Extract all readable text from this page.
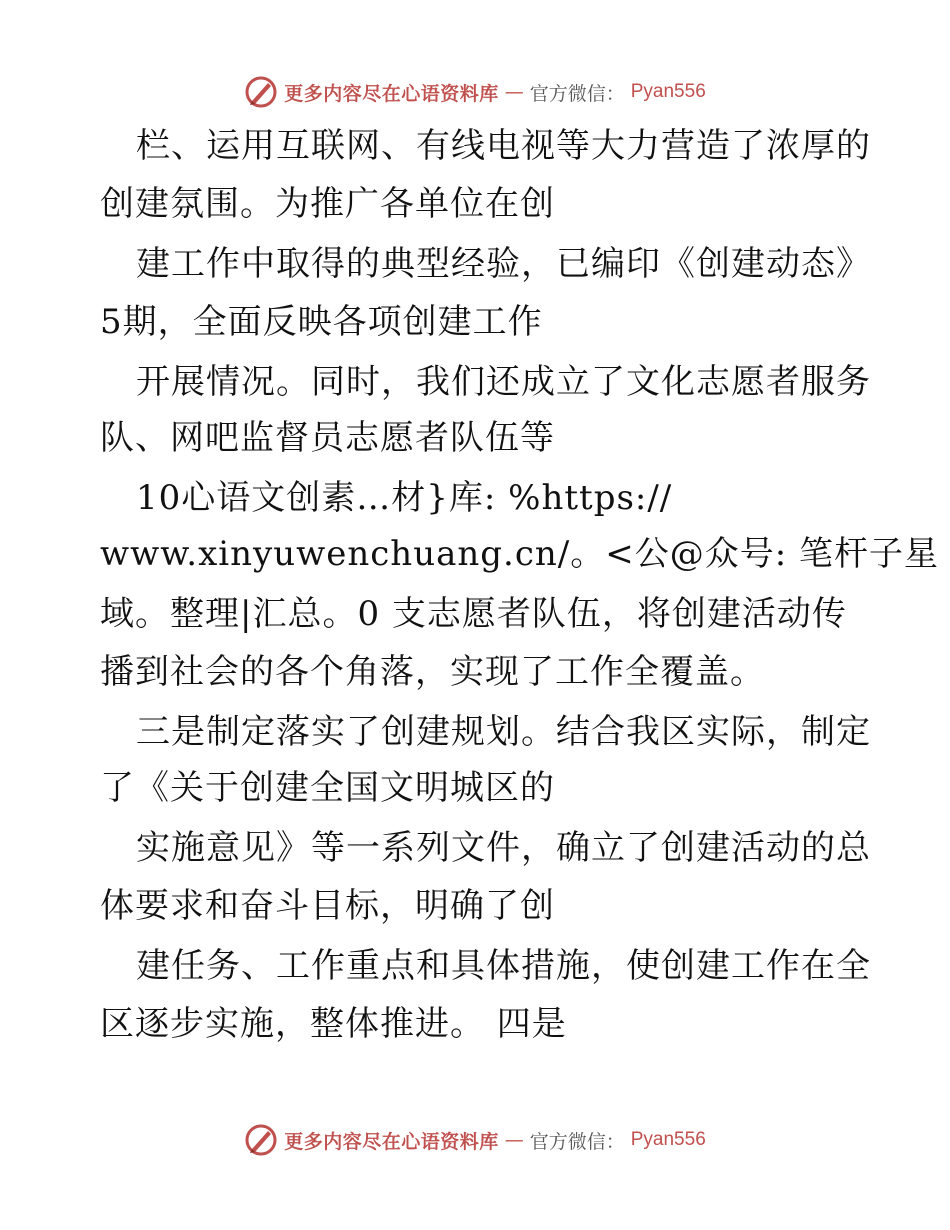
更多内容尽在心语资料库 — 官方微信： Pyan556
栏、运用互联网、有线电视等大力营造了浓厚的
创建氛围。为推广各单位在创
建工作中取得的典型经验，已编印《创建动态》
5期，全面反映各项创建工作
开展情况。同时，我们还成立了文化志愿者服务
队、网吧监督员志愿者队伍等
10心语文创素…材}库: %https://
www.xinyuwenchuang.cn/。<公@众号: 笔杆子星
域。整理|汇总。0 支志愿者队伍，将创建活动传
播到社会的各个角落，实现了工作全覆盖。
三是制定落实了创建规划。结合我区实际，制定
了《关于创建全国文明城区的
实施意见》等一系列文件，确立了创建活动的总
体要求和奋斗目标，明确了创
建任务、工作重点和具体措施，使创建工作在全
区逐步实施，整体推进。 四是
更多内容尽在心语资料库 — 官方微信： Pyan556
